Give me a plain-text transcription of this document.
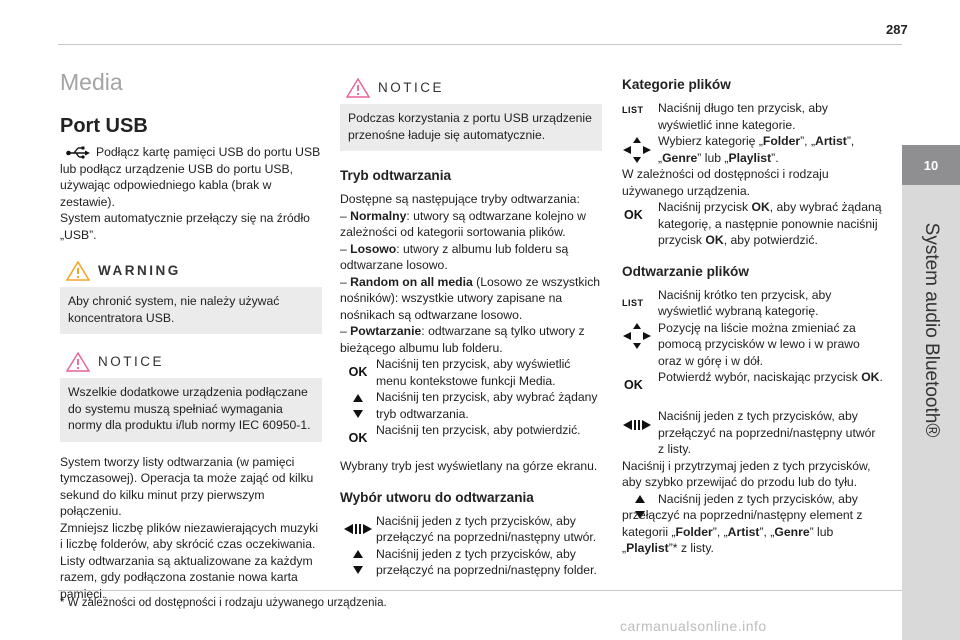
287
10
System audio Bluetooth®
Media
Port USB
Podłącz kartę pamięci USB do portu USB lub podłącz urządzenie USB do portu USB, używając odpowiedniego kabla (brak w zestawie).

System automatycznie przełączy się na źródło „USB”.

WARNING
Aby chronić system, nie należy używać koncentratora USB.
NOTICE
Wszelkie dodatkowe urządzenia podłączane do systemu muszą spełniać wymagania normy dla produktu i/lub normy IEC 60950-1.

System tworzy listy odtwarzania (w pamięci tymczasowej). Operacja ta może zająć od kilku sekund do kilku minut przy pierwszym połączeniu.

Zmniejsz liczbę plików niezawierających muzyki i liczbę folderów, aby skrócić czas oczekiwania.

Listy odtwarzania są aktualizowane za każdym razem, gdy podłączona zostanie nowa karta pamięci.

NOTICE
Podczas korzystania z portu USB urządzenie przenośne ładuje się automatycznie.
Tryb odtwarzania

Dostępne są następujące tryby odtwarzania:

– Normalny: utwory są odtwarzane kolejno w zależności od kategorii sortowania plików.

– Losowo: utwory z albumu lub folderu są odtwarzane losowo.

– Random on all media (Losowo ze wszystkich nośników): wszystkie utwory zapisane na nośnikach są odtwarzane losowo.

– Powtarzanie: odtwarzane są tylko utwory z bieżącego albumu lub folderu.

OK
Naciśnij ten przycisk, aby wyświetlić menu kontekstowe funkcji Media.
Naciśnij ten przycisk, aby wybrać żądany tryb odtwarzania.
OK
Naciśnij ten przycisk, aby potwierdzić.

Wybrany tryb jest wyświetlany na górze ekranu.

Wybór utworu do odtwarzania
Naciśnij jeden z tych przycisków, aby przełączyć na poprzedni/następny utwór.
Naciśnij jeden z tych przycisków, aby przełączyć na poprzedni/następny folder.
Kategorie plików
LIST	Naciśnij długo ten przycisk, aby wyświetlić inne kategorie.
Wybierz kategorię „Folder”, „Artist”, „Genre” lub „Playlist”.

W zależności od dostępności i rodzaju używanego urządzenia.

OK
Naciśnij przycisk OK, aby wybrać żądaną kategorię, a następnie ponownie naciśnij przycisk OK, aby potwierdzić.
Odtwarzanie plików
LIST
Naciśnij krótko ten przycisk, aby wyświetlić wybraną kategorię.
Pozycję na liście można zmieniać za pomocą przycisków w lewo i w prawo oraz w górę i w dół.
OK
Potwierdź wybór, naciskając przycisk OK.
Naciśnij jeden z tych przycisków, aby przełączyć na poprzedni/następny utwór z listy.

Naciśnij i przytrzymaj jeden z tych przycisków, aby szybko przewijać do przodu lub do tyłu.

Naciśnij jeden z tych przycisków, aby przełączyć na poprzedni/następny element z kategorii „Folder”, „Artist”, „Genre” lub „Playlist”* z listy.
* W zależności od dostępności i rodzaju używanego urządzenia.
carmanualsonline.info
